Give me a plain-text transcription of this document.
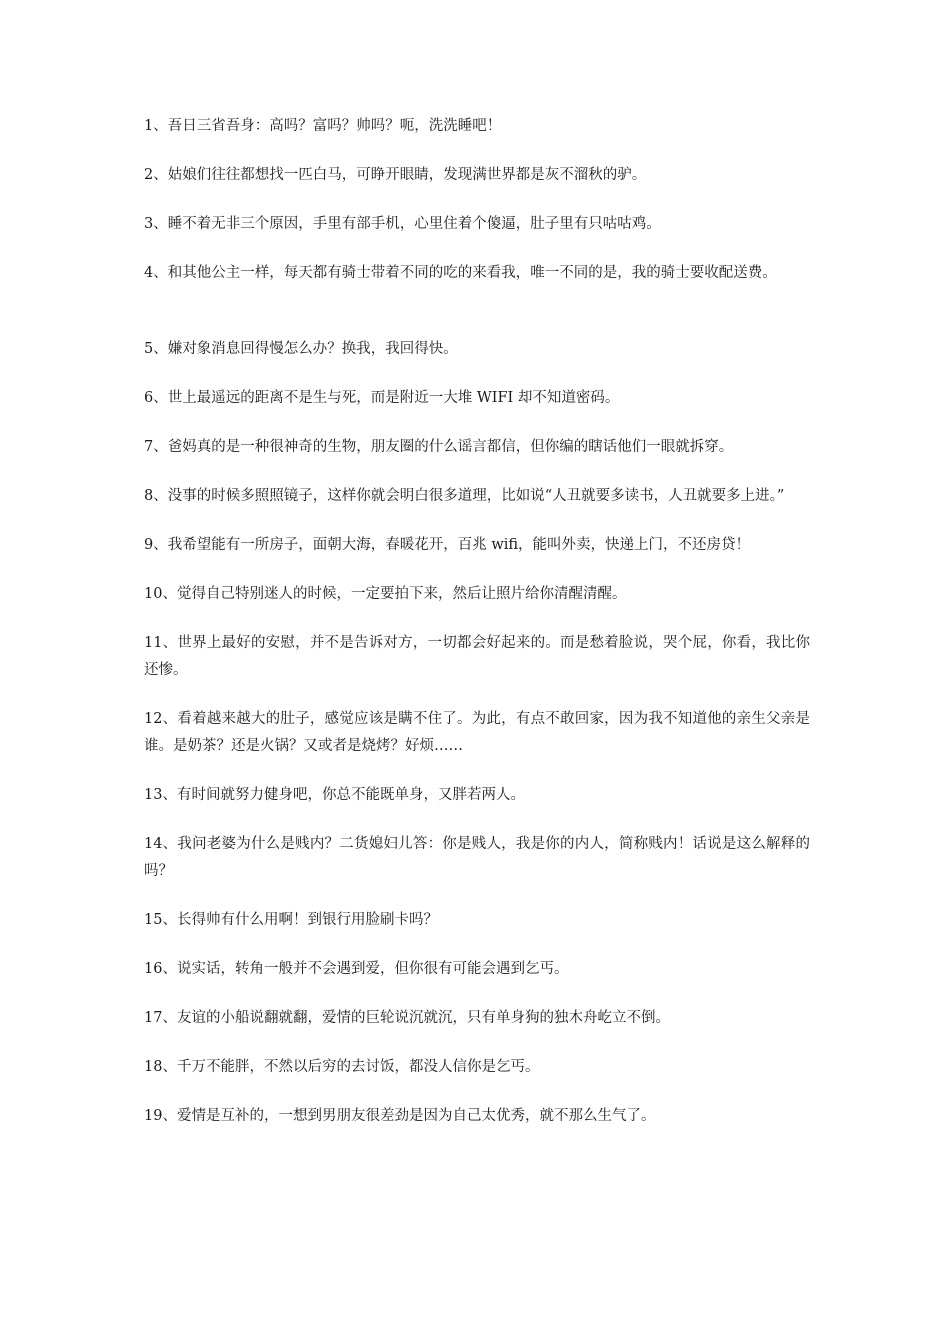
1、吾日三省吾身：高吗？富吗？帅吗？呃，洗洗睡吧！

2、姑娘们往往都想找一匹白马，可睁开眼睛，发现满世界都是灰不溜秋的驴。

3、睡不着无非三个原因，手里有部手机，心里住着个傻逼，肚子里有只咕咕鸡。

4、和其他公主一样，每天都有骑士带着不同的吃的来看我，唯一不同的是，我的骑士要收配送费。

5、嫌对象消息回得慢怎么办？换我，我回得快。

6、世上最遥远的距离不是生与死，而是附近一大堆 WIFI 却不知道密码。

7、爸妈真的是一种很神奇的生物，朋友圈的什么谣言都信，但你编的瞎话他们一眼就拆穿。

8、没事的时候多照照镜子，这样你就会明白很多道理，比如说“人丑就要多读书，人丑就要多上进。”

9、我希望能有一所房子，面朝大海，春暖花开，百兆 wifi，能叫外卖，快递上门，不还房贷！

10、觉得自己特别迷人的时候，一定要拍下来，然后让照片给你清醒清醒。

11、世界上最好的安慰，并不是告诉对方，一切都会好起来的。而是愁着脸说，哭个屁，你看，我比你还惨。

12、看着越来越大的肚子，感觉应该是瞒不住了。为此，有点不敢回家，因为我不知道他的亲生父亲是谁。是奶茶？还是火锅？又或者是烧烤？好烦……

13、有时间就努力健身吧，你总不能既单身，又胖若两人。

14、我问老婆为什么是贱内？二货媳妇儿答：你是贱人，我是你的内人，简称贱内！话说是这么解释的吗？

15、长得帅有什么用啊！到银行用脸刷卡吗？

16、说实话，转角一般并不会遇到爱，但你很有可能会遇到乞丐。

17、友谊的小船说翻就翻，爱情的巨轮说沉就沉，只有单身狗的独木舟屹立不倒。

18、千万不能胖，不然以后穷的去讨饭，都没人信你是乞丐。

19、爱情是互补的，一想到男朋友很差劲是因为自己太优秀，就不那么生气了。
